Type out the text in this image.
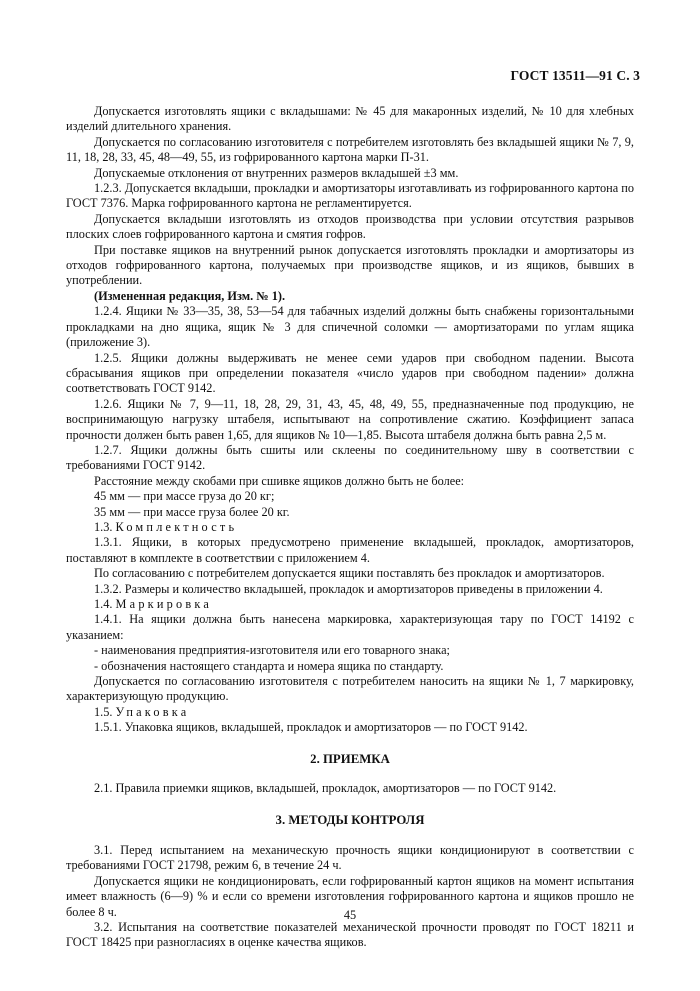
ГОСТ 13511—91 С. 3

Допускается изготовлять ящики с вкладышами: № 45 для макаронных изделий, № 10 для хлебных изделий длительного хранения.

Допускается по согласованию изготовителя с потребителем изготовлять без вкладышей ящики № 7, 9, 11, 18, 28, 33, 45, 48—49, 55, из гофрированного картона марки П-31.

Допускаемые отклонения от внутренних размеров вкладышей ±3 мм.

1.2.3. Допускается вкладыши, прокладки и амортизаторы изготавливать из гофрированного картона по ГОСТ 7376. Марка гофрированного картона не регламентируется.

Допускается вкладыши изготовлять из отходов производства при условии отсутствия разрывов плоских слоев гофрированного картона и смятия гофров.

При поставке ящиков на внутренний рынок допускается изготовлять прокладки и амортизаторы из отходов гофрированного картона, получаемых при производстве ящиков, и из ящиков, бывших в употреблении.

(Измененная редакция, Изм. № 1).

1.2.4. Ящики № 33—35, 38, 53—54 для табачных изделий должны быть снабжены горизонтальными прокладками на дно ящика, ящик № 3 для спичечной соломки — амортизаторами по углам ящика (приложение 3).

1.2.5. Ящики должны выдерживать не менее семи ударов при свободном падении. Высота сбрасывания ящиков при определении показателя «число ударов при свободном падении» должна соответствовать ГОСТ 9142.

1.2.6. Ящики № 7, 9—11, 18, 28, 29, 31, 43, 45, 48, 49, 55, предназначенные под продукцию, не воспринимающую нагрузку штабеля, испытывают на сопротивление сжатию. Коэффициент запаса прочности должен быть равен 1,65, для ящиков № 10—1,85. Высота штабеля должна быть равна 2,5 м.

1.2.7. Ящики должны быть сшиты или склеены по соединительному шву в соответствии с требованиями ГОСТ 9142.

Расстояние между скобами при сшивке ящиков должно быть не более:

45 мм — при массе груза до 20 кг;

35 мм — при массе груза более 20 кг.

1.3. Комплектность

1.3.1. Ящики, в которых предусмотрено применение вкладышей, прокладок, амортизаторов, поставляют в комплекте в соответствии с приложением 4.

По согласованию с потребителем допускается ящики поставлять без прокладок и амортизаторов.

1.3.2. Размеры и количество вкладышей, прокладок и амортизаторов приведены в приложении 4.

1.4. Маркировка

1.4.1. На ящики должна быть нанесена маркировка, характеризующая тару по ГОСТ 14192 с указанием:

- наименования предприятия-изготовителя или его товарного знака;

- обозначения настоящего стандарта и номера ящика по стандарту.

Допускается по согласованию изготовителя с потребителем наносить на ящики № 1, 7 маркировку, характеризующую продукцию.

1.5. Упаковка

1.5.1. Упаковка ящиков, вкладышей, прокладок и амортизаторов — по ГОСТ 9142.

2. ПРИЕМКА

2.1. Правила приемки ящиков, вкладышей, прокладок, амортизаторов — по ГОСТ 9142.

3. МЕТОДЫ КОНТРОЛЯ

3.1. Перед испытанием на механическую прочность ящики кондиционируют в соответствии с требованиями ГОСТ 21798, режим 6, в течение 24 ч.

Допускается ящики не кондиционировать, если гофрированный картон ящиков на момент испытания имеет влажность (6—9) % и если со времени изготовления гофрированного картона и ящиков прошло не более 8 ч.

3.2. Испытания на соответствие показателей механической прочности проводят по ГОСТ 18211 и ГОСТ 18425 при разногласиях в оценке качества ящиков.

45
